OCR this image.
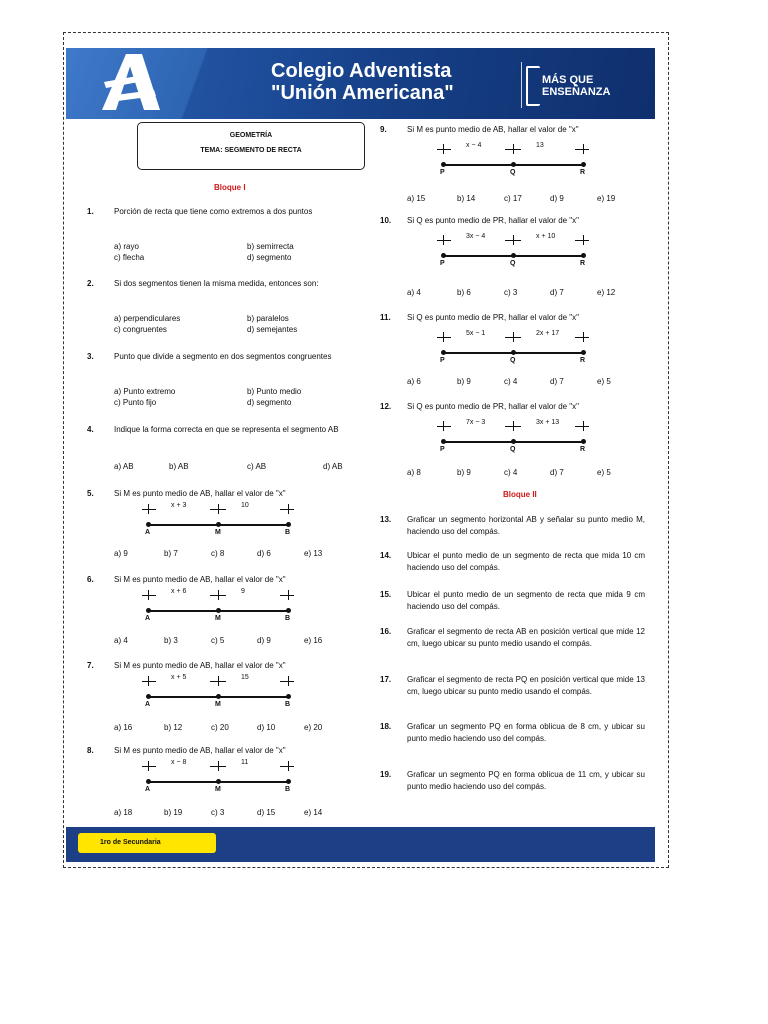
Colegio Adventista
"Unión Americana"
MÁS QUE
ENSEÑANZA
GEOMETRÍA
TEMA: SEGMENTO DE RECTA
Bloque I
Bloque II
1.	Porción de recta que tiene como extremos a dos puntos
a) rayo	b) semirrecta
c) flecha	d) segmento
2.	Si dos segmentos tienen la misma medida, entonces son:
a) perpendiculares	b) paralelos
c) congruentes	d) semejantes
3.	Punto que divide a segmento en dos segmentos congruentes
a) Punto extremo	b) Punto medio
c) Punto fijo	d) segmento
4.	Indique la forma correcta en que se representa el segmento AB
a) AB	b) AB	c) AB	d) AB
5.	Si M es punto medio de AB, hallar el valor de "x"
A	M	B
x + 3	10
a) 9	b) 7	c) 8	d) 6	e) 13
6.	Si M es punto medio de AB, hallar el valor de "x"
A	M	B
x + 6	9
a) 4	b) 3	c) 5	d) 9	e) 16
7.	Si M es punto medio de AB, hallar el valor de "x"
A	M	B
x + 5	15
a) 16	b) 12	c) 20	d) 10	e) 20
8.	Si M es punto medio de AB, hallar el valor de "x"
A	M	B
x − 8	11
a) 18	b) 19	c) 3	d) 15	e) 14
9.	Si M es punto medio de AB, hallar el valor de "x"
P	Q	R
x − 4	13
a) 15	b) 14	c) 17	d) 9	e) 19
10. Si Q es punto medio de PR, hallar el valor de "x"
P	Q	R
3x − 4	x + 10
a) 4	b) 6	c) 3	d) 7	e) 12
11. Si Q es punto medio de PR, hallar el valor de "x"
P	Q	R
5x − 1	2x + 17
a) 6	b) 9	c) 4	d) 7	e) 5
12. Si Q es punto medio de PR, hallar el valor de "x"
P	Q	R
7x − 3	3x + 13
a) 8	b) 9	c) 4	d) 7	e) 5
13. Graficar un segmento horizontal AB y señalar su punto medio M, haciendo uso del compás.
14. Ubicar el punto medio de un segmento de recta que mida 10 cm haciendo uso del compás.
15. Ubicar el punto medio de un segmento de recta que mida 9 cm haciendo uso del compás.
16. Graficar el segmento de recta AB en posición vertical que mide 12 cm, luego ubicar su punto medio usando el compás.
17. Graficar el segmento de recta PQ en posición vertical que mide 13 cm, luego ubicar su punto medio usando el compás.
18. Graficar un segmento PQ en forma oblicua de 8 cm, y ubicar su punto medio haciendo uso del compás.
19. Graficar un segmento PQ en forma oblicua de 11 cm, y ubicar su punto medio haciendo uso del compás.
1ro de Secundaria
